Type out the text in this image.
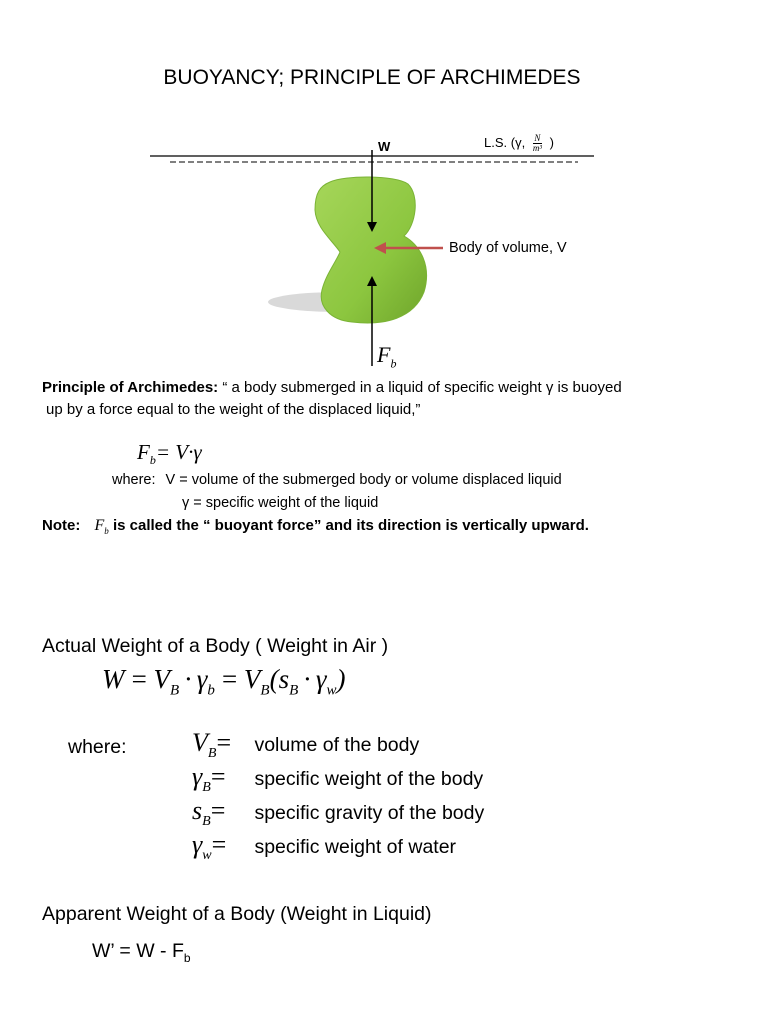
BUOYANCY; PRINCIPLE OF ARCHIMEDES
W	L.S. (γ, $\frac{N}{\text{m³}}$ )
Body of volume, V
$F_b$
Principle of Archimedes: “ a body submerged in a liquid of specific weight γ is buoyed
up by a force equal to the weight of the displaced liquid,”
$F_b= V\cdot\gamma$
where: V = volume of the submerged body or volume displaced liquid
γ = specific weight of the liquid
Note: $F_b$ is called the “ buoyant force” and its direction is vertically upward.
Actual Weight of a Body ( Weight in Air )
$W = V_B \cdot \gamma_b = V_B(s_B \cdot \gamma_w)$
where:	$V_B=$ volume of the body
$\gamma_B=$ specific weight of the body
$s_B=$ specific gravity of the body
$\gamma_w=$ specific weight of water
Apparent Weight of a Body (Weight in Liquid)
W’ = W - $F_b$
